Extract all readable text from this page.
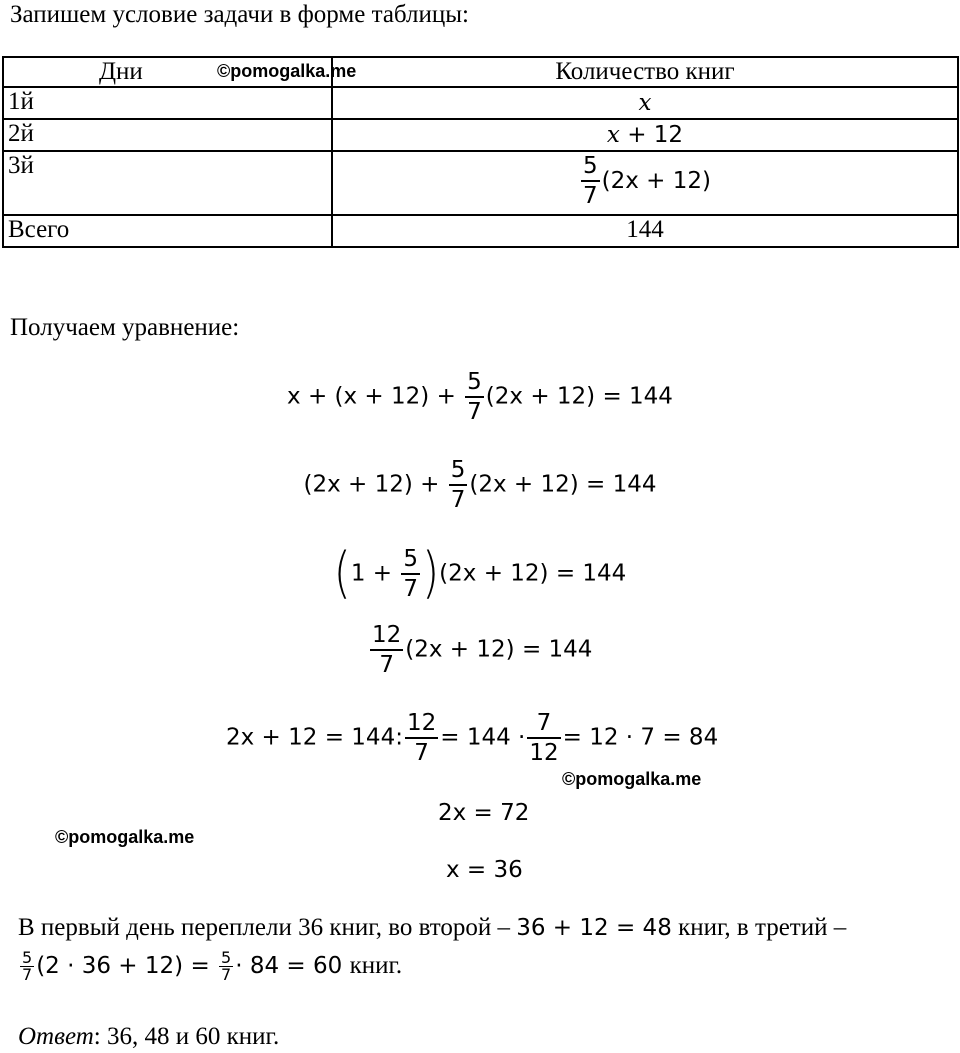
Запишем условие задачи в форме таблицы:
Дни	Количество книг
1й	x
2й	x + 12
3й	$\frac{5}{7} (2x + 12)$
Всего	144
©pomogalka.me
©pomogalka.me
©pomogalka.me
Получаем уравнение:
$x + (x + 12) + \frac{5}{7} (2x + 12) = 144$
$(2x + 12) + \frac{5}{7} (2x + 12) = 144$
$(1 + \frac{5}{7} )(2x + 12) = 144$
$\frac{12}{7} (2x + 12) = 144$
2x + 12 = 144: $\frac{12}{7} = 144 \cdot \frac{7}{12} = 12 \cdot 7 = 84$
2x = 72
x = 36
В первый день переплели 36 книг, во второй – 36 + 12 = 48 книг, в третий –
$\frac{5}{7} (2 \cdot 36 + 12) = \frac{5}{7} \cdot 84 = 60$ книг.
Ответ: 36, 48 и 60 книг.
